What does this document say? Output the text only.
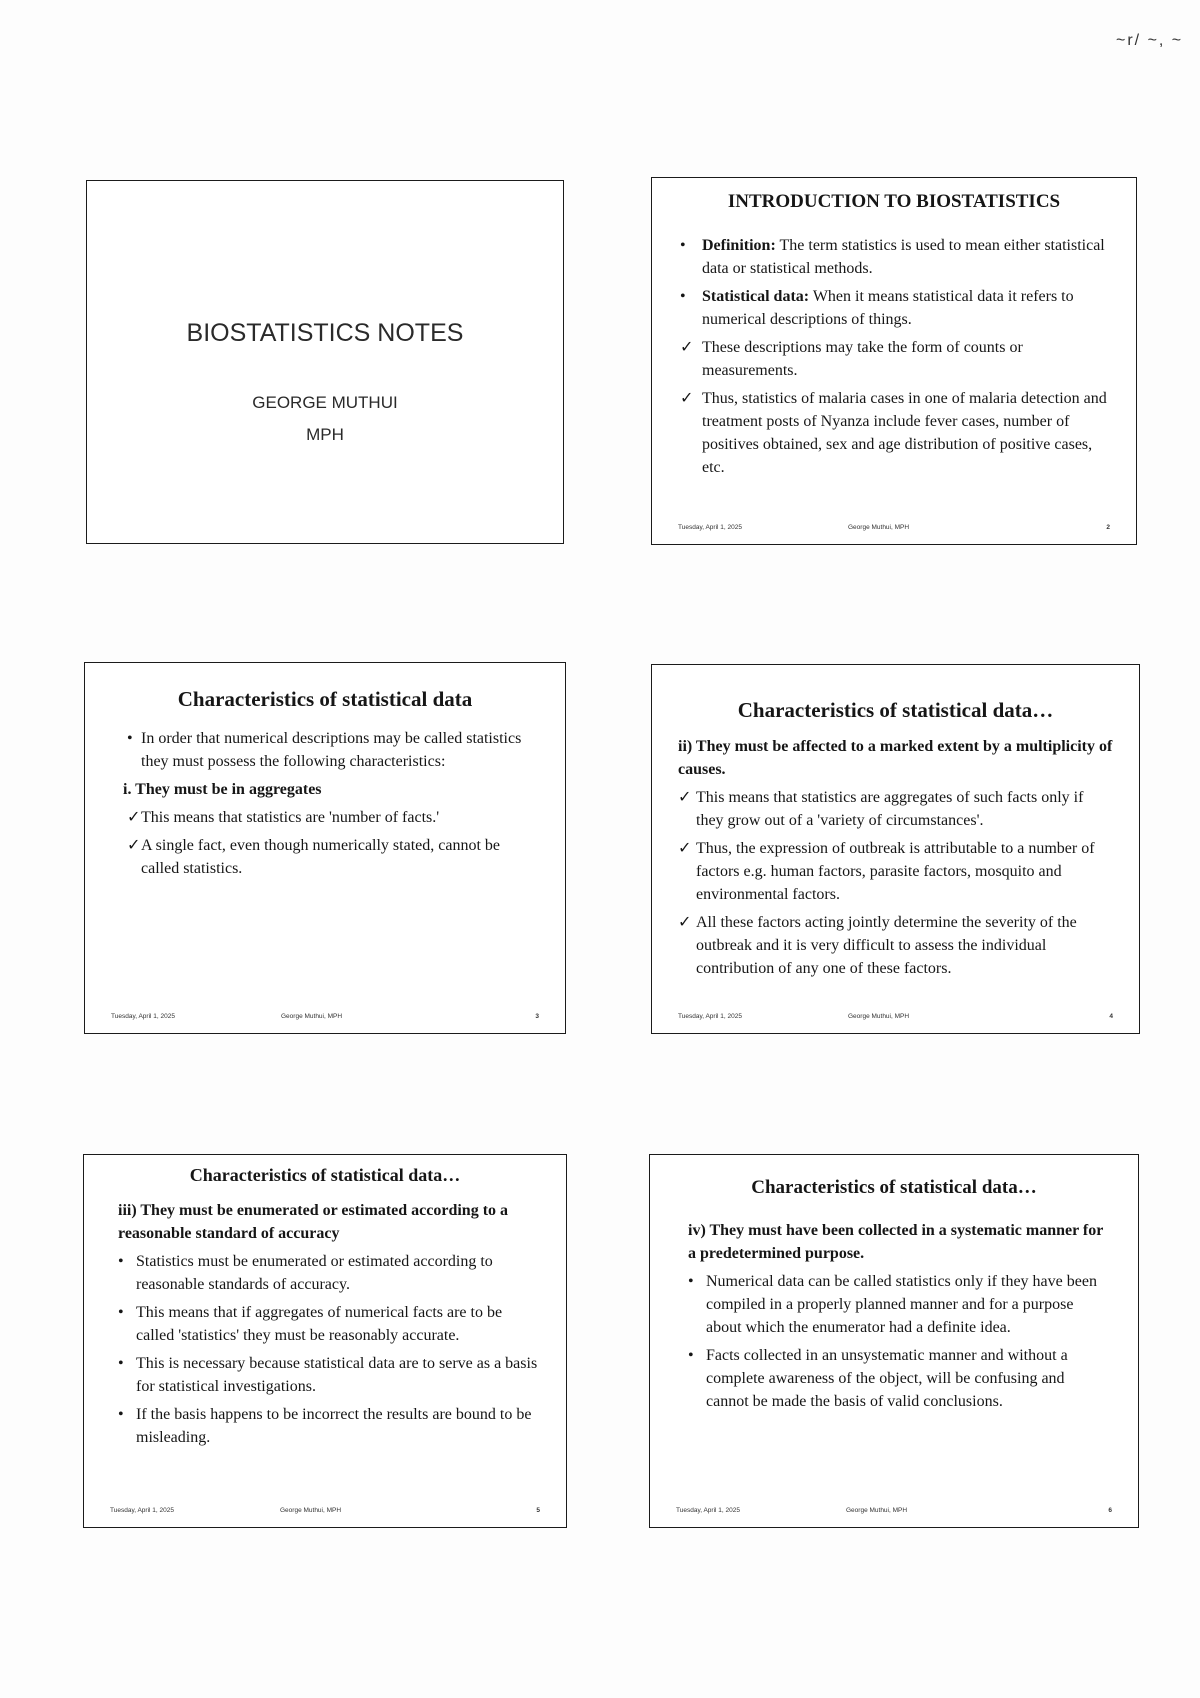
~r/ ~, ~
BIOSTATISTICS NOTES
GEORGE MUTHUI
MPH
INTRODUCTION TO BIOSTATISTICS
• Definition: The term statistics is used to mean either statistical data or statistical methods.
• Statistical data: When it means statistical data it refers to numerical descriptions of things.
✓ These descriptions may take the form of counts or measurements.
✓ Thus, statistics of malaria cases in one of malaria detection and treatment posts of Nyanza include fever cases, number of positives obtained, sex and age distribution of positive cases, etc.
Tuesday, April 1, 2025	George Muthui, MPH	2
Characteristics of statistical data
• In order that numerical descriptions may be called statistics they must possess the following characteristics:
i. They must be in aggregates
✓ This means that statistics are 'number of facts.'
✓ A single fact, even though numerically stated, cannot be called statistics.
Tuesday, April 1, 2025	George Muthui, MPH	3
Characteristics of statistical data…
ii) They must be affected to a marked extent by a multiplicity of causes.
✓ This means that statistics are aggregates of such facts only if they grow out of a 'variety of circumstances'.
✓ Thus, the expression of outbreak is attributable to a number of factors e.g. human factors, parasite factors, mosquito and environmental factors.
✓ All these factors acting jointly determine the severity of the outbreak and it is very difficult to assess the individual contribution of any one of these factors.
Tuesday, April 1, 2025	George Muthui, MPH	4
Characteristics of statistical data…
iii) They must be enumerated or estimated according to a reasonable standard of accuracy
• Statistics must be enumerated or estimated according to reasonable standards of accuracy.
• This means that if aggregates of numerical facts are to be called 'statistics' they must be reasonably accurate.
• This is necessary because statistical data are to serve as a basis for statistical investigations.
• If the basis happens to be incorrect the results are bound to be misleading.
Tuesday, April 1, 2025	George Muthui, MPH	5
Characteristics of statistical data…
iv) They must have been collected in a systematic manner for a predetermined purpose.
• Numerical data can be called statistics only if they have been compiled in a properly planned manner and for a purpose about which the enumerator had a definite idea.
• Facts collected in an unsystematic manner and without a complete awareness of the object, will be confusing and cannot be made the basis of valid conclusions.
Tuesday, April 1, 2025	George Muthui, MPH	6
